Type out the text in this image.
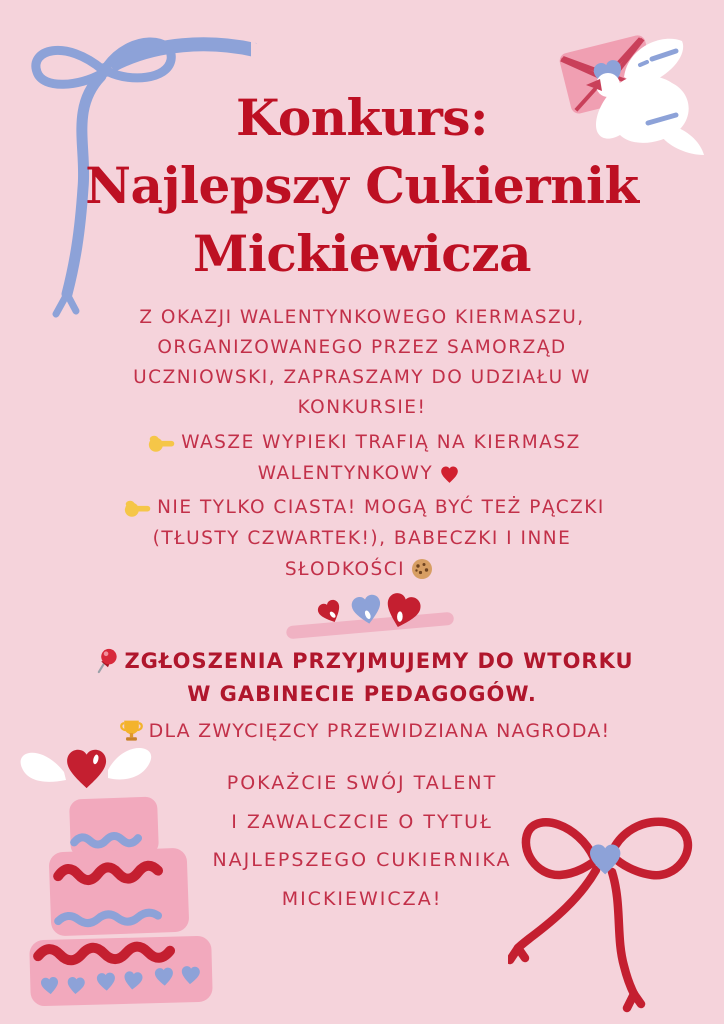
Konkurs:
Najlepszy Cukiernik
Mickiewicza
Z OKAZJI WALENTYNKOWEGO KIERMASZU,
ORGANIZOWANEGO PRZEZ SAMORZĄD
UCZNIOWSKI, ZAPRASZAMY DO UDZIAŁU W
KONKURSIE!
WASZE WYPIEKI TRAFIĄ NA KIERMASZ
WALENTYNKOWY
NIE TYLKO CIASTA! MOGĄ BYĆ TEŻ PĄCZKI
(TŁUSTY CZWARTEK!), BABECZKI I INNE
SŁODKOŚCI
ZGŁOSZENIA PRZYJMUJEMY DO WTORKU
W GABINECIE PEDAGOGÓW.
DLA ZWYCIĘZCY PRZEWIDZIANA NAGRODA!
POKAŻCIE SWÓJ TALENT
I ZAWALCZCIE O TYTUŁ
NAJLEPSZEGO CUKIERNIKA
MICKIEWICZA!
